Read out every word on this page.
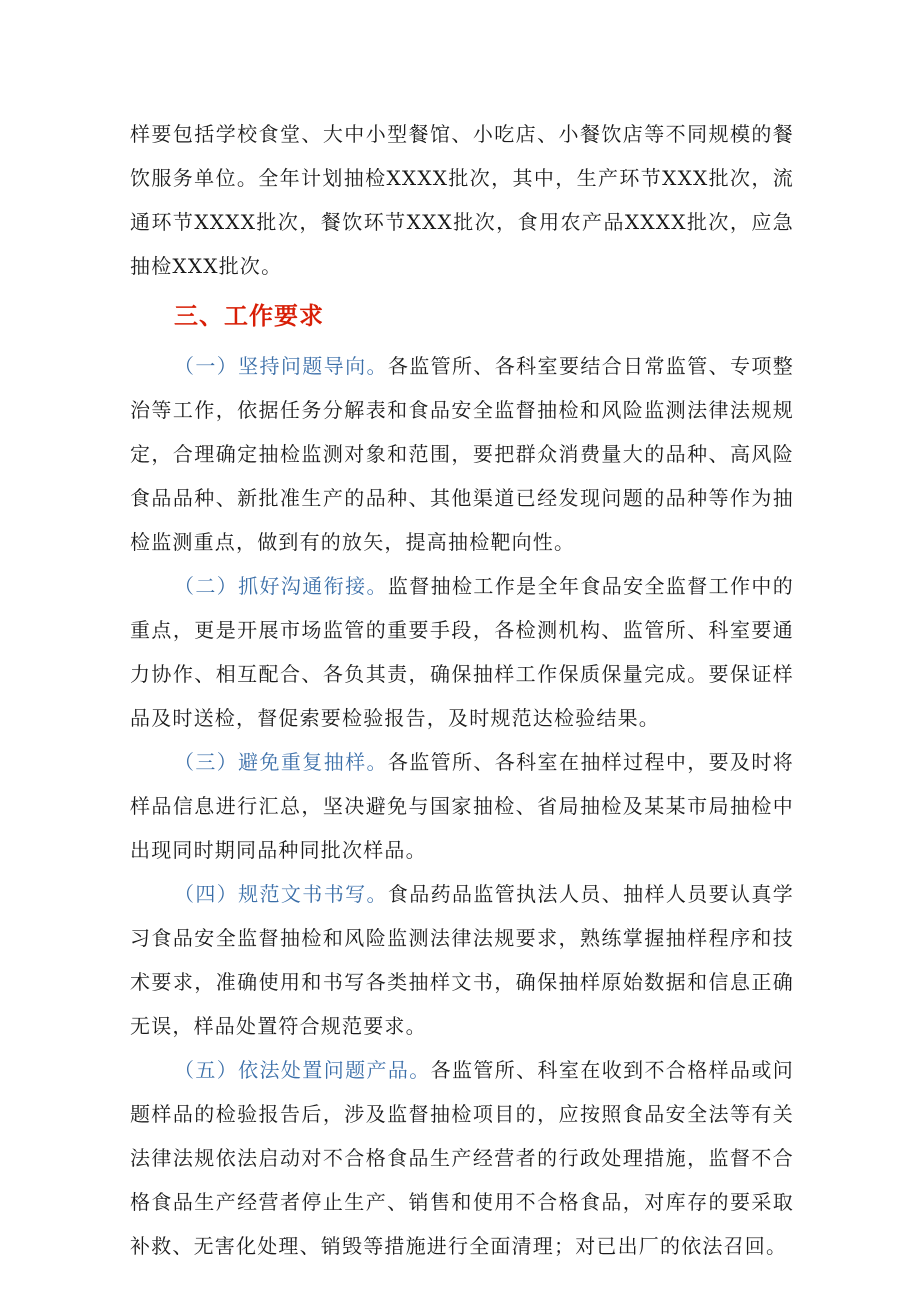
样要包括学校食堂、大中小型餐馆、小吃店、小餐饮店等不同规模的餐饮服务单位。全年计划抽检XXXX批次，其中，生产环节XXX批次，流通环节XXXX批次，餐饮环节XXX批次，食用农产品XXXX批次，应急抽检XXX批次。

三、工作要求

（一）坚持问题导向。各监管所、各科室要结合日常监管、专项整治等工作，依据任务分解表和食品安全监督抽检和风险监测法律法规规定，合理确定抽检监测对象和范围，要把群众消费量大的品种、高风险食品品种、新批准生产的品种、其他渠道已经发现问题的品种等作为抽检监测重点，做到有的放矢，提高抽检靶向性。

（二）抓好沟通衔接。监督抽检工作是全年食品安全监督工作中的重点，更是开展市场监管的重要手段，各检测机构、监管所、科室要通力协作、相互配合、各负其责，确保抽样工作保质保量完成。要保证样品及时送检，督促索要检验报告，及时规范达检验结果。

（三）避免重复抽样。各监管所、各科室在抽样过程中，要及时将样品信息进行汇总，坚决避免与国家抽检、省局抽检及某某市局抽检中出现同时期同品种同批次样品。

（四）规范文书书写。食品药品监管执法人员、抽样人员要认真学习食品安全监督抽检和风险监测法律法规要求，熟练掌握抽样程序和技术要求，准确使用和书写各类抽样文书，确保抽样原始数据和信息正确无误，样品处置符合规范要求。

（五）依法处置问题产品。各监管所、科室在收到不合格样品或问题样品的检验报告后，涉及监督抽检项目的，应按照食品安全法等有关法律法规依法启动对不合格食品生产经营者的行政处理措施，监督不合格食品生产经营者停止生产、销售和使用不合格食品，对库存的要采取补救、无害化处理、销毁等措施进行全面清理；对已出厂的依法召回。
